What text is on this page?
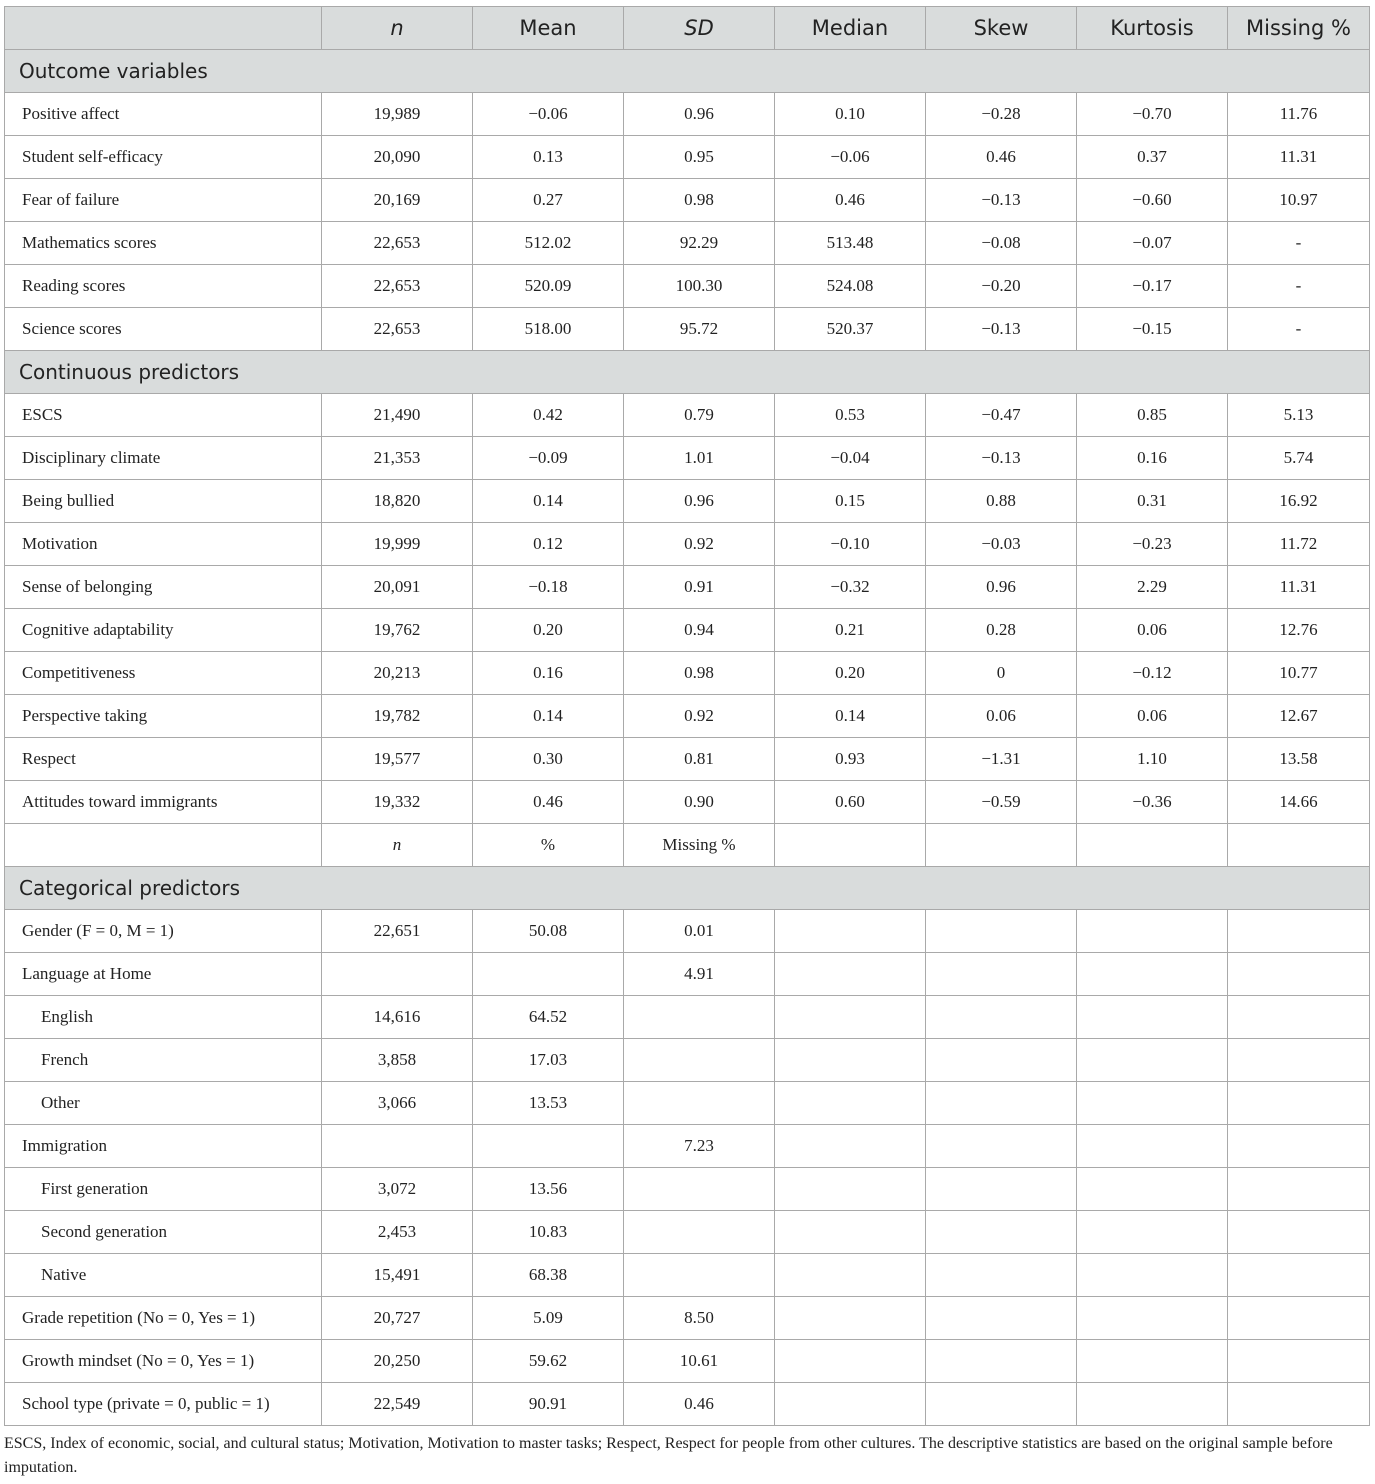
	n	Mean	SD	Median	Skew	Kurtosis	Missing %
Outcome variables							
Positive affect	19,989	−0.06	0.96	0.10	−0.28	−0.70	11.76
Student self-efficacy	20,090	0.13	0.95	−0.06	0.46	0.37	11.31
Fear of failure	20,169	0.27	0.98	0.46	−0.13	−0.60	10.97
Mathematics scores	22,653	512.02	92.29	513.48	−0.08	−0.07	-
Reading scores	22,653	520.09	100.30	524.08	−0.20	−0.17	-
Science scores	22,653	518.00	95.72	520.37	−0.13	−0.15	-
Continuous predictors							
ESCS	21,490	0.42	0.79	0.53	−0.47	0.85	5.13
Disciplinary climate	21,353	−0.09	1.01	−0.04	−0.13	0.16	5.74
Being bullied	18,820	0.14	0.96	0.15	0.88	0.31	16.92
Motivation	19,999	0.12	0.92	−0.10	−0.03	−0.23	11.72
Sense of belonging	20,091	−0.18	0.91	−0.32	0.96	2.29	11.31
Cognitive adaptability	19,762	0.20	0.94	0.21	0.28	0.06	12.76
Competitiveness	20,213	0.16	0.98	0.20	0	−0.12	10.77
Perspective taking	19,782	0.14	0.92	0.14	0.06	0.06	12.67
Respect	19,577	0.30	0.81	0.93	−1.31	1.10	13.58
Attitudes toward immigrants	19,332	0.46	0.90	0.60	−0.59	−0.36	14.66
	n	%	Missing %				
Categorical predictors							
Gender (F = 0, M = 1)	22,651	50.08	0.01				
Language at Home			4.91				
English	14,616	64.52					
French	3,858	17.03					
Other	3,066	13.53					
Immigration			7.23				
First generation	3,072	13.56					
Second generation	2,453	10.83					
Native	15,491	68.38					
Grade repetition (No = 0, Yes = 1)	20,727	5.09	8.50				
Growth mindset (No = 0, Yes = 1)	20,250	59.62	10.61				
School type (private = 0, public = 1)	22,549	90.91	0.46				
ESCS, Index of economic, social, and cultural status; Motivation, Motivation to master tasks; Respect, Respect for people from other cultures. The descriptive statistics are based on the original sample before imputation.
